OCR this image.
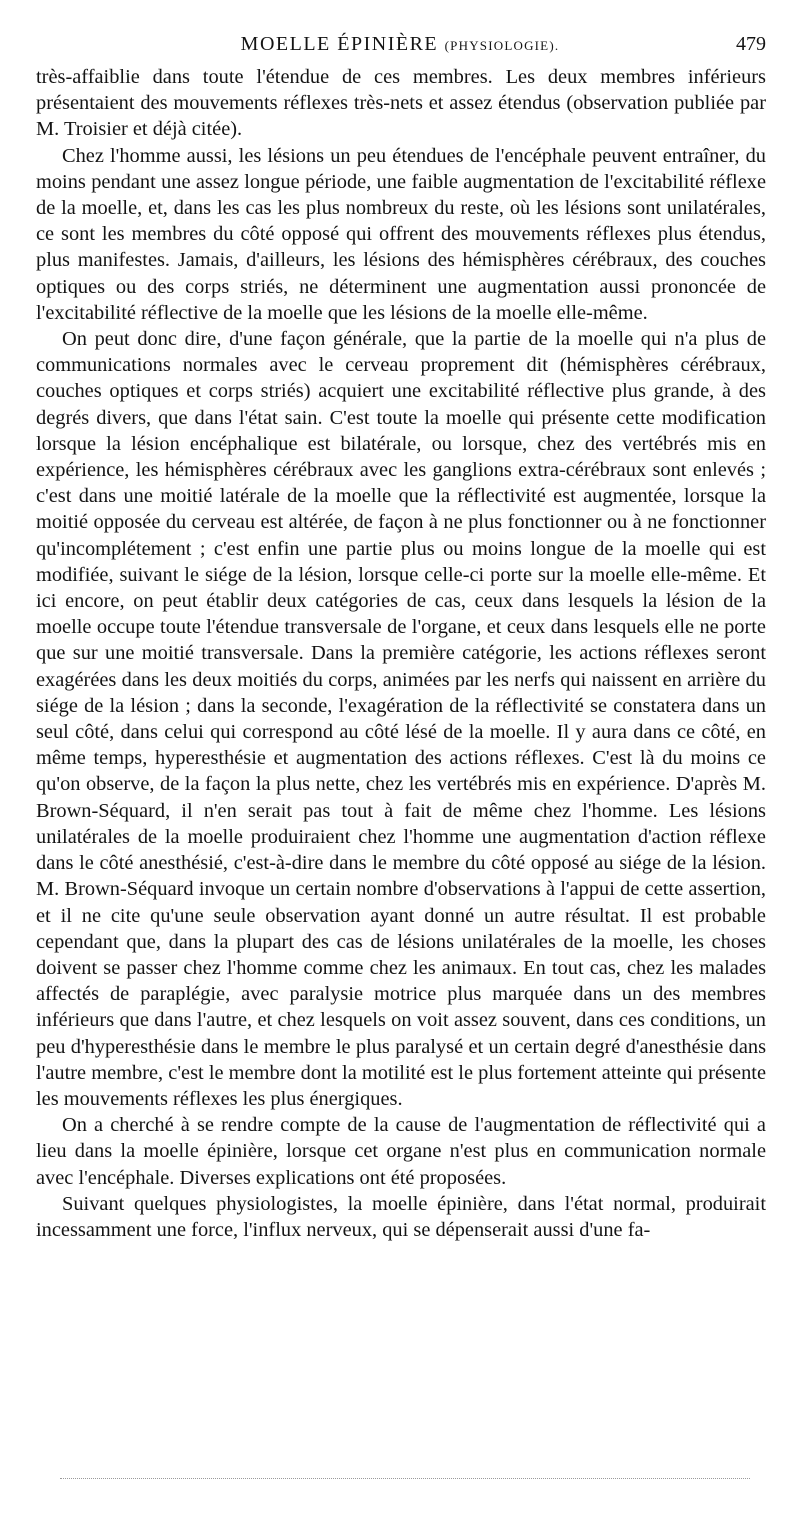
MOELLE ÉPINIÈRE (PHYSIOLOGIE).	479

très-affaiblie dans toute l'étendue de ces membres. Les deux membres inférieurs présentaient des mouvements réflexes très-nets et assez étendus (observation publiée par M. Troisier et déjà citée).

Chez l'homme aussi, les lésions un peu étendues de l'encéphale peuvent entraîner, du moins pendant une assez longue période, une faible augmentation de l'excitabilité réflexe de la moelle, et, dans les cas les plus nombreux du reste, où les lésions sont unilatérales, ce sont les membres du côté opposé qui offrent des mouvements réflexes plus étendus, plus manifestes. Jamais, d'ailleurs, les lésions des hémisphères cérébraux, des couches optiques ou des corps striés, ne déterminent une augmentation aussi prononcée de l'excitabilité réflective de la moelle que les lésions de la moelle elle-même.

On peut donc dire, d'une façon générale, que la partie de la moelle qui n'a plus de communications normales avec le cerveau proprement dit (hémisphères cérébraux, couches optiques et corps striés) acquiert une excitabilité réflective plus grande, à des degrés divers, que dans l'état sain. C'est toute la moelle qui présente cette modification lorsque la lésion encéphalique est bilatérale, ou lorsque, chez des vertébrés mis en expérience, les hémisphères cérébraux avec les ganglions extra-cérébraux sont enlevés ; c'est dans une moitié latérale de la moelle que la réflectivité est augmentée, lorsque la moitié opposée du cerveau est altérée, de façon à ne plus fonctionner ou à ne fonctionner qu'incomplétement ; c'est enfin une partie plus ou moins longue de la moelle qui est modifiée, suivant le siége de la lésion, lorsque celle-ci porte sur la moelle elle-même. Et ici encore, on peut établir deux catégories de cas, ceux dans lesquels la lésion de la moelle occupe toute l'étendue transversale de l'organe, et ceux dans lesquels elle ne porte que sur une moitié transversale. Dans la première catégorie, les actions réflexes seront exagérées dans les deux moitiés du corps, animées par les nerfs qui naissent en arrière du siége de la lésion ; dans la seconde, l'exagération de la réflectivité se constatera dans un seul côté, dans celui qui correspond au côté lésé de la moelle. Il y aura dans ce côté, en même temps, hyperesthésie et augmentation des actions réflexes. C'est là du moins ce qu'on observe, de la façon la plus nette, chez les vertébrés mis en expérience. D'après M. Brown-Séquard, il n'en serait pas tout à fait de même chez l'homme. Les lésions unilatérales de la moelle produiraient chez l'homme une augmentation d'action réflexe dans le côté anesthésié, c'est-à-dire dans le membre du côté opposé au siége de la lésion. M. Brown-Séquard invoque un certain nombre d'observations à l'appui de cette assertion, et il ne cite qu'une seule observation ayant donné un autre résultat. Il est probable cependant que, dans la plupart des cas de lésions unilatérales de la moelle, les choses doivent se passer chez l'homme comme chez les animaux. En tout cas, chez les malades affectés de paraplégie, avec paralysie motrice plus marquée dans un des membres inférieurs que dans l'autre, et chez lesquels on voit assez souvent, dans ces conditions, un peu d'hyperesthésie dans le membre le plus paralysé et un certain degré d'anesthésie dans l'autre membre, c'est le membre dont la motilité est le plus fortement atteinte qui présente les mouvements réflexes les plus énergiques.

On a cherché à se rendre compte de la cause de l'augmentation de réflectivité qui a lieu dans la moelle épinière, lorsque cet organe n'est plus en communication normale avec l'encéphale. Diverses explications ont été proposées.

Suivant quelques physiologistes, la moelle épinière, dans l'état normal, produirait incessamment une force, l'influx nerveux, qui se dépenserait aussi d'une fa-
